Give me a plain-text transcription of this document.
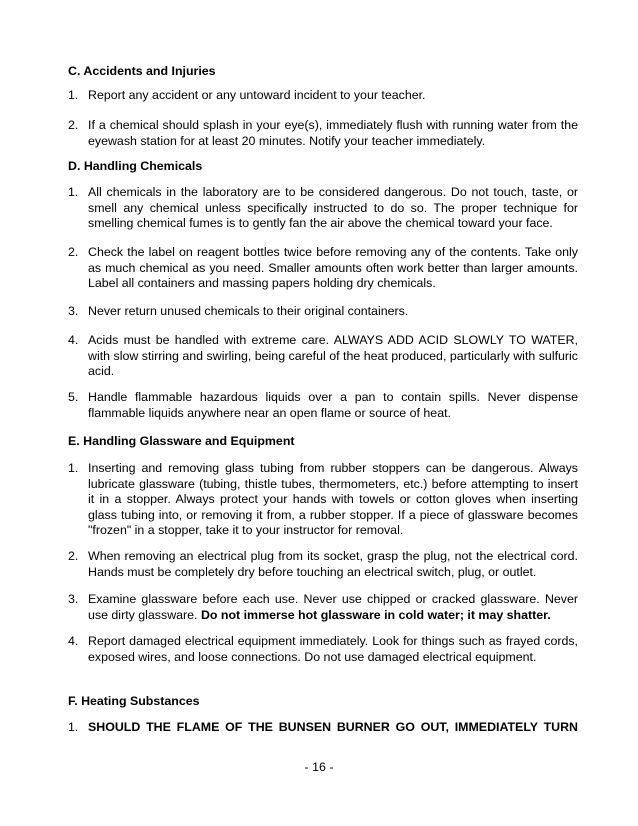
C. Accidents and Injuries
1. Report any accident or any untoward incident to your teacher.
2. If a chemical should splash in your eye(s), immediately flush with running water from the eyewash station for at least 20 minutes. Notify your teacher immediately.
D. Handling Chemicals
1. All chemicals in the laboratory are to be considered dangerous. Do not touch, taste, or smell any chemical unless specifically instructed to do so. The proper technique for smelling chemical fumes is to gently fan the air above the chemical toward your face.
2. Check the label on reagent bottles twice before removing any of the contents. Take only as much chemical as you need. Smaller amounts often work better than larger amounts. Label all containers and massing papers holding dry chemicals.
3. Never return unused chemicals to their original containers.
4. Acids must be handled with extreme care. ALWAYS ADD ACID SLOWLY TO WATER, with slow stirring and swirling, being careful of the heat produced, particularly with sulfuric acid.
5. Handle flammable hazardous liquids over a pan to contain spills. Never dispense flammable liquids anywhere near an open flame or source of heat.
E. Handling Glassware and Equipment
1. Inserting and removing glass tubing from rubber stoppers can be dangerous. Always lubricate glassware (tubing, thistle tubes, thermometers, etc.) before attempting to insert it in a stopper. Always protect your hands with towels or cotton gloves when inserting glass tubing into, or removing it from, a rubber stopper. If a piece of glassware becomes "frozen" in a stopper, take it to your instructor for removal.
2. When removing an electrical plug from its socket, grasp the plug, not the electrical cord. Hands must be completely dry before touching an electrical switch, plug, or outlet.
3. Examine glassware before each use. Never use chipped or cracked glassware. Never use dirty glassware. Do not immerse hot glassware in cold water; it may shatter.
4. Report damaged electrical equipment immediately. Look for things such as frayed cords, exposed wires, and loose connections. Do not use damaged electrical equipment.
F. Heating Substances
1. SHOULD THE FLAME OF THE BUNSEN BURNER GO OUT, IMMEDIATELY TURN
- 16 -
